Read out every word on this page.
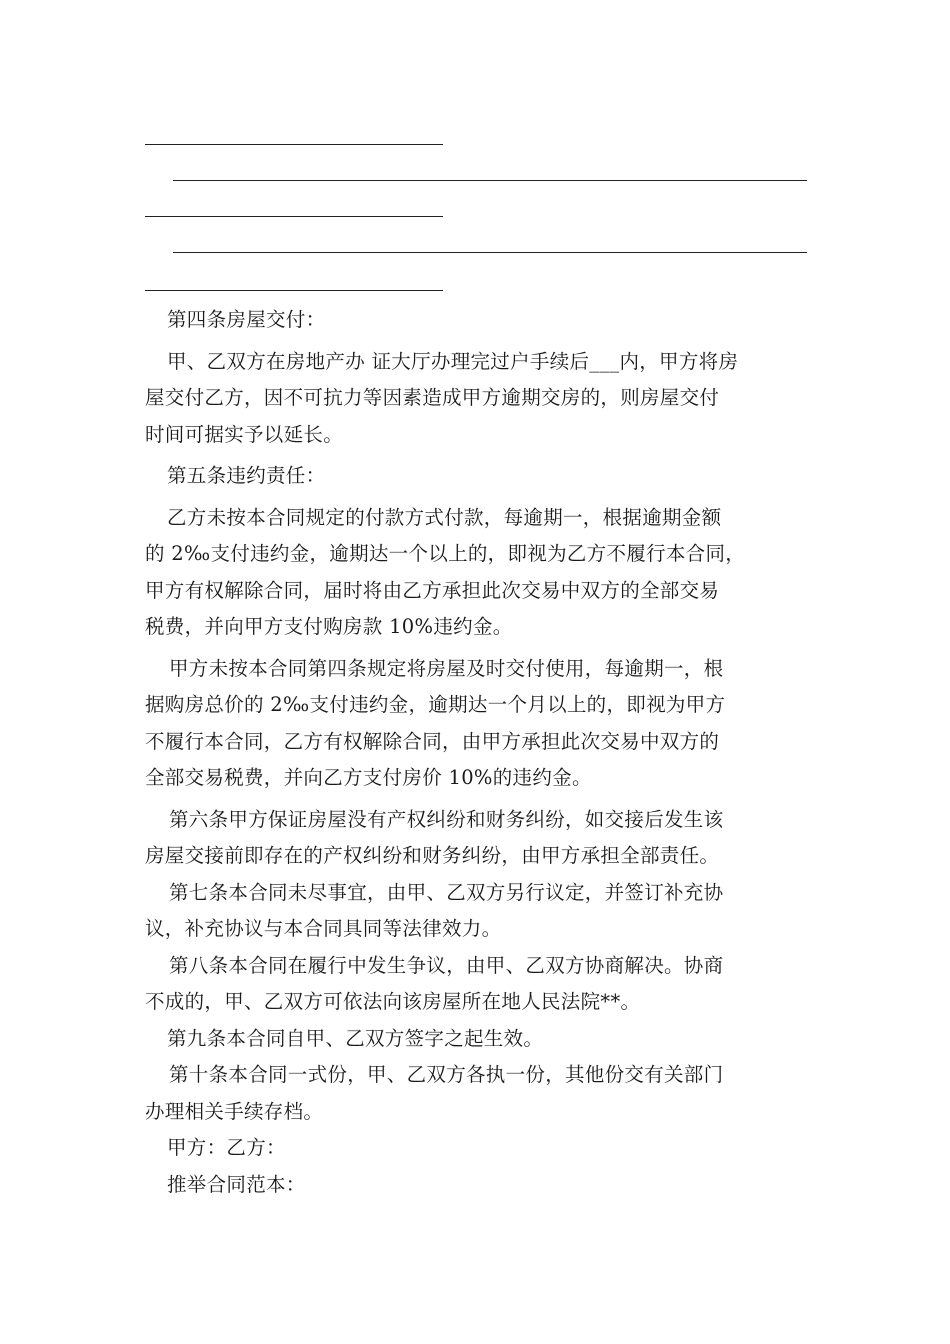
第四条房屋交付：
甲、乙双方在房地产办 证大厅办理完过户手续后___内，甲方将房
屋交付乙方，因不可抗力等因素造成甲方逾期交房的，则房屋交付
时间可据实予以延长。
第五条违约责任：
乙方未按本合同规定的付款方式付款，每逾期一，根据逾期金额
的 2‰支付违约金，逾期达一个以上的，即视为乙方不履行本合同，
甲方有权解除合同，届时将由乙方承担此次交易中双方的全部交易
税费，并向甲方支付购房款 10%违约金。
甲方未按本合同第四条规定将房屋及时交付使用，每逾期一，根
据购房总价的 2‰支付违约金，逾期达一个月以上的，即视为甲方
不履行本合同，乙方有权解除合同，由甲方承担此次交易中双方的
全部交易税费，并向乙方支付房价 10%的违约金。
第六条甲方保证房屋没有产权纠纷和财务纠纷，如交接后发生该
房屋交接前即存在的产权纠纷和财务纠纷，由甲方承担全部责任。
第七条本合同未尽事宜，由甲、乙双方另行议定，并签订补充协
议，补充协议与本合同具同等法律效力。
第八条本合同在履行中发生争议，由甲、乙双方协商解决。协商
不成的，甲、乙双方可依法向该房屋所在地人民法院**。
第九条本合同自甲、乙双方签字之起生效。
第十条本合同一式份，甲、乙双方各执一份，其他份交有关部门
办理相关手续存档。
甲方：乙方：
推举合同范本：
